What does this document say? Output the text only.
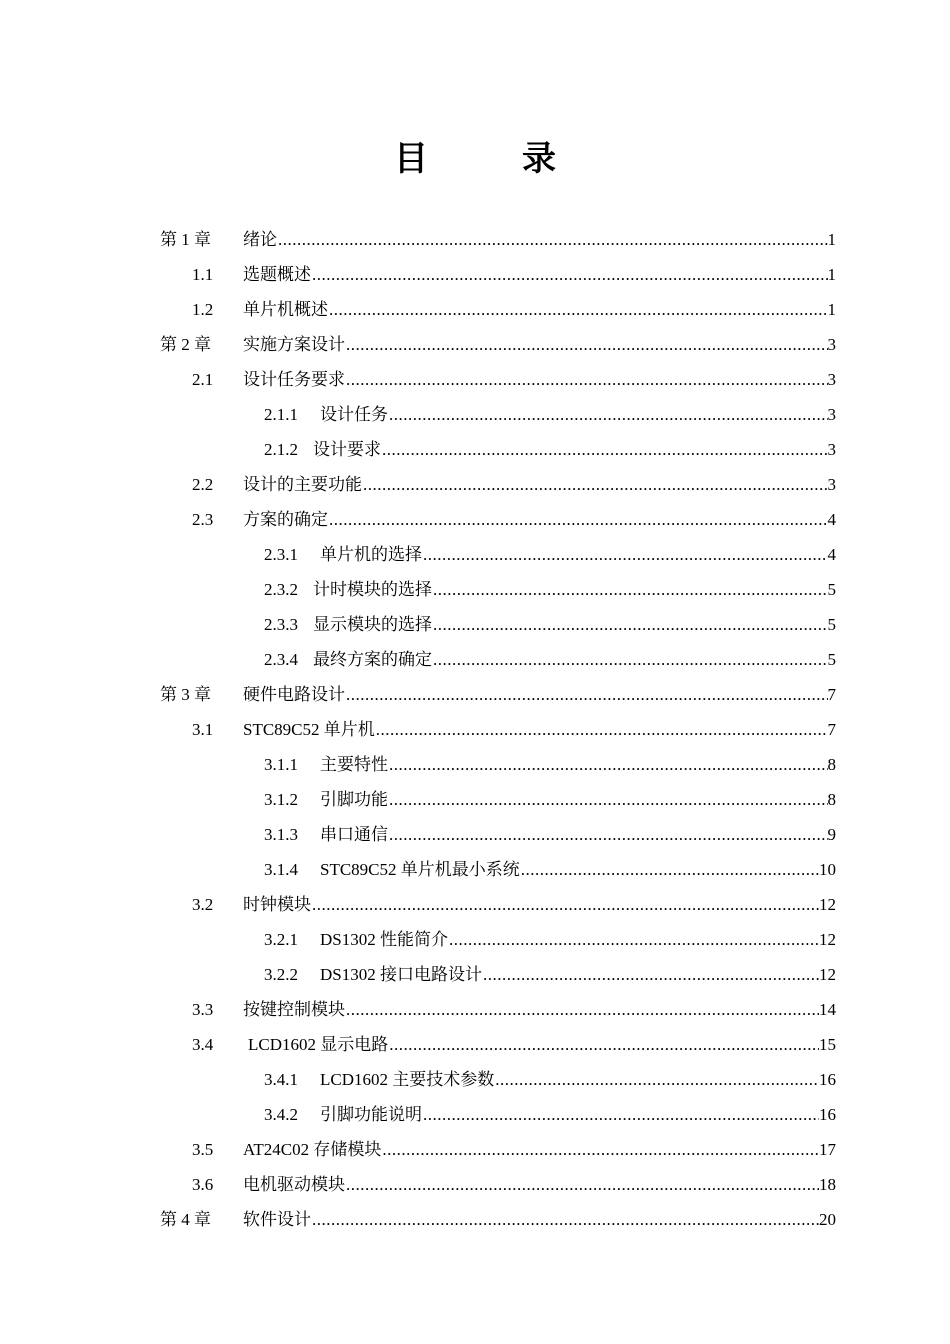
目　录
第 1 章 绪论 .....	1
1.1 选题概述 .....	1
1.2 单片机概述 .....	1
第 2 章 实施方案设计 .....	3
2.1 设计任务要求 .....	3
2.1.1 设计任务 .....	3
2.1.2 设计要求 .....	3
2.2 设计的主要功能 .....	3
2.3 方案的确定 .....	4
2.3.1 单片机的选择 .....	4
2.3.2 计时模块的选择 .....	5
2.3.3 显示模块的选择 .....	5
2.3.4 最终方案的确定 .....	5
第 3 章 硬件电路设计 .....	7
3.1 STC89C52 单片机 .....	7
3.1.1 主要特性 .....	8
3.1.2 引脚功能 .....	8
3.1.3 串口通信 .....	9
3.1.4 STC89C52 单片机最小系统 .....	10
3.2 时钟模块 .....	12
3.2.1 DS1302 性能简介 .....	12
3.2.2 DS1302 接口电路设计 .....	12
3.3 按键控制模块 .....	14
3.4 LCD1602 显示电路 .....	15
3.4.1 LCD1602 主要技术参数 .....	16
3.4.2 引脚功能说明 .....	16
3.5 AT24C02 存储模块 .....	17
3.6 电机驱动模块 .....	18
第 4 章 软件设计 .....	20
